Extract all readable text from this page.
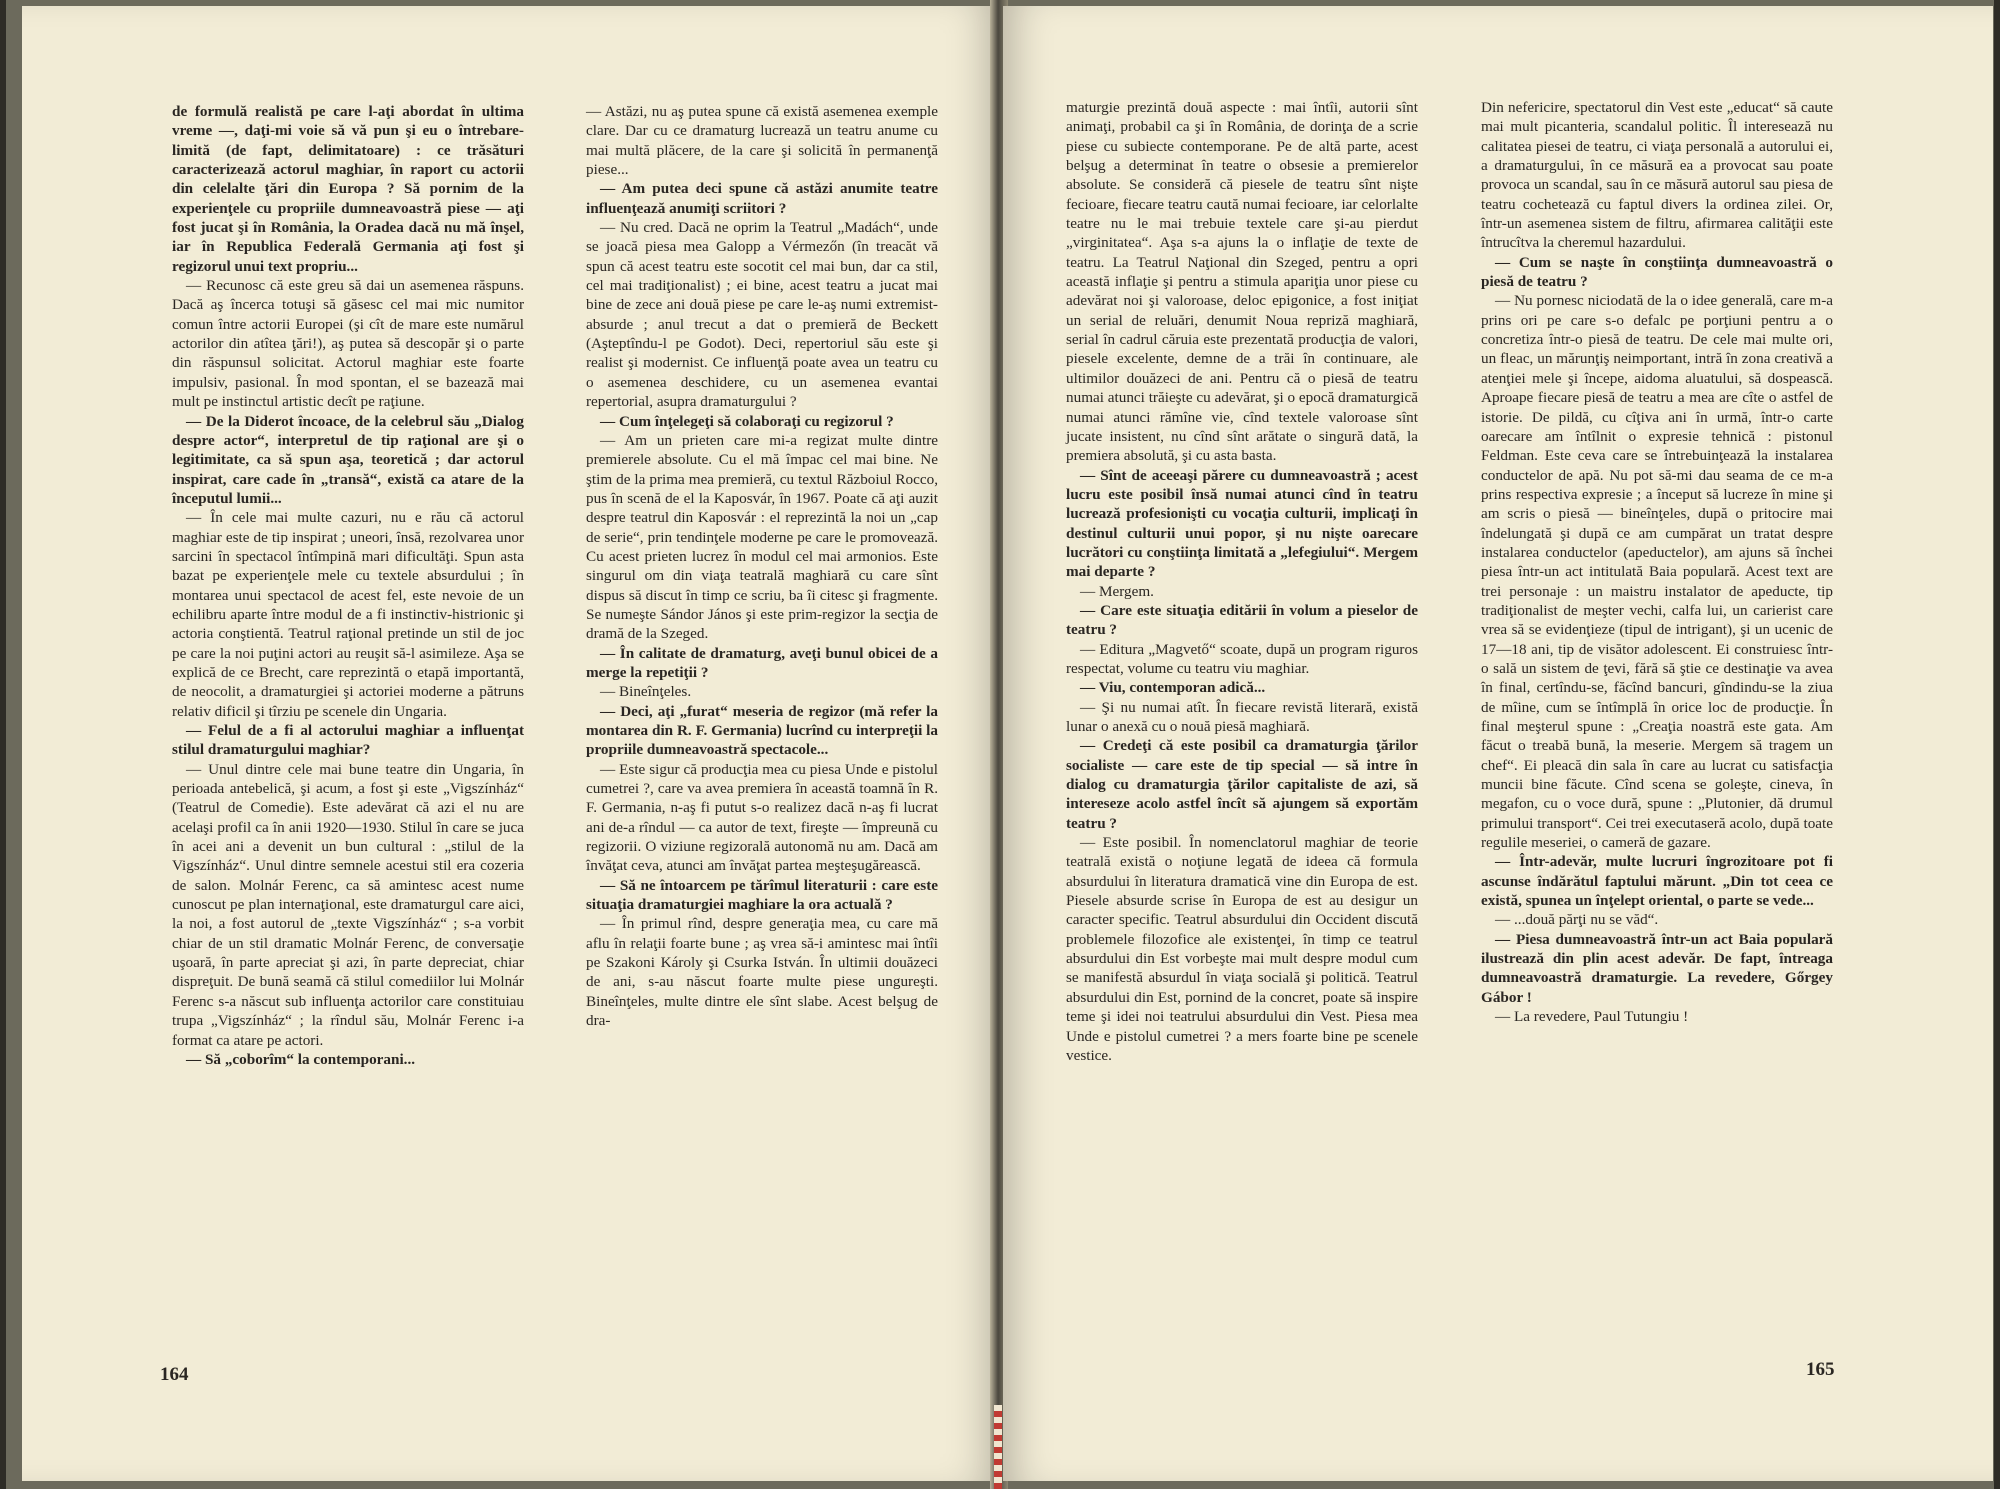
de formulă realistă pe care l-aţi abordat în ultima vreme —, daţi-mi voie să vă pun şi eu o întrebare-limită (de fapt, delimitatoare) : ce trăsături caracterizează actorul maghiar, în raport cu actorii din celelalte ţări din Europa ? Să pornim de la experienţele cu propriile dumneavoastră piese — aţi fost jucat şi în România, la Oradea dacă nu mă înşel, iar în Republica Federală Germania aţi fost şi regizorul unui text propriu...

— Recunosc că este greu să dai un asemenea răspuns. Dacă aş încerca totuşi să găsesc cel mai mic numitor comun între actorii Europei (şi cît de mare este numărul actorilor din atîtea ţări!), aş putea să descopăr şi o parte din răspunsul solicitat. Actorul maghiar este foarte impulsiv, pasional. În mod spontan, el se bazează mai mult pe instinctul artistic decît pe raţiune.

— De la Diderot încoace, de la celebrul său „Dialog despre actor“, interpretul de tip raţional are şi o legitimitate, ca să spun aşa, teoretică ; dar actorul inspirat, care cade în „transă“, există ca atare de la începutul lumii...

— În cele mai multe cazuri, nu e rău că actorul maghiar este de tip inspirat ; uneori, însă, rezolvarea unor sarcini în spectacol întîmpină mari dificultăţi. Spun asta bazat pe experienţele mele cu textele absurdului ; în montarea unui spectacol de acest fel, este nevoie de un echilibru aparte între modul de a fi instinctiv-histrionic şi actoria conştientă. Teatrul raţional pretinde un stil de joc pe care la noi puţini actori au reuşit să-l asimileze. Aşa se explică de ce Brecht, care reprezintă o etapă importantă, de neocolit, a dramaturgiei şi actoriei moderne a pătruns relativ dificil şi tîrziu pe scenele din Ungaria.

— Felul de a fi al actorului maghiar a influenţat stilul dramaturgului maghiar?

— Unul dintre cele mai bune teatre din Ungaria, în perioada antebelică, şi acum, a fost şi este „Vigszínház“ (Teatrul de Comedie). Este adevărat că azi el nu are acelaşi profil ca în anii 1920—1930. Stilul în care se juca în acei ani a devenit un bun cultural : „stilul de la Vigszínház“. Unul dintre semnele acestui stil era cozeria de salon. Molnár Ferenc, ca să amintesc acest nume cunoscut pe plan internaţional, este dramaturgul care aici, la noi, a fost autorul de „texte Vigszínház“ ; s-a vorbit chiar de un stil dramatic Molnár Ferenc, de conversaţie uşoară, în parte apreciat şi azi, în parte depreciat, chiar dispreţuit. De bună seamă că stilul comediilor lui Molnár Ferenc s-a născut sub influenţa actorilor care constituiau trupa „Vigszínház“ ; la rîndul său, Molnár Ferenc i-a format ca atare pe actori.

— Să „coborîm“ la contemporani...

— Astăzi, nu aş putea spune că există asemenea exemple clare. Dar cu ce dramaturg lucrează un teatru anume cu mai multă plăcere, de la care şi solicită în permanenţă piese...

— Am putea deci spune că astăzi anumite teatre influenţează anumiţi scriitori ?

— Nu cred. Dacă ne oprim la Teatrul „Madách“, unde se joacă piesa mea Galopp a Vérmezőn (în treacăt vă spun că acest teatru este socotit cel mai bun, dar ca stil, cel mai tradiţionalist) ; ei bine, acest teatru a jucat mai bine de zece ani două piese pe care le-aş numi extremist-absurde ; anul trecut a dat o premieră de Beckett (Aşteptîndu-l pe Godot). Deci, repertoriul său este şi realist şi modernist. Ce influenţă poate avea un teatru cu o asemenea deschidere, cu un asemenea evantai repertorial, asupra dramaturgului ?

— Cum înţelegeţi să colaboraţi cu regizorul ?

— Am un prieten care mi-a regizat multe dintre premierele absolute. Cu el mă împac cel mai bine. Ne ştim de la prima mea premieră, cu textul Războiul Rocco, pus în scenă de el la Kaposvár, în 1967. Poate că aţi auzit despre teatrul din Kaposvár : el reprezintă la noi un „cap de serie“, prin tendinţele moderne pe care le promovează. Cu acest prieten lucrez în modul cel mai armonios. Este singurul om din viaţa teatrală maghiară cu care sînt dispus să discut în timp ce scriu, ba îi citesc şi fragmente. Se numeşte Sándor János şi este prim-regizor la secţia de dramă de la Szeged.

— În calitate de dramaturg, aveţi bunul obicei de a merge la repetiţii ?

— Bineînţeles.

— Deci, aţi „furat“ meseria de regizor (mă refer la montarea din R. F. Germania) lucrînd cu interpreţii la propriile dumneavoastră spectacole...

— Este sigur că producţia mea cu piesa Unde e pistolul cumetrei ?, care va avea premiera în această toamnă în R. F. Germania, n-aş fi putut s-o realizez dacă n-aş fi lucrat ani de-a rîndul — ca autor de text, fireşte — împreună cu regizorii. O viziune regizorală autonomă nu am. Dacă am învăţat ceva, atunci am învăţat partea meşteşugărească.

— Să ne întoarcem pe tărîmul literaturii : care este situaţia dramaturgiei maghiare la ora actuală ?

— În primul rînd, despre generaţia mea, cu care mă aflu în relaţii foarte bune ; aş vrea să-i amintesc mai întîi pe Szakoni Károly şi Csurka István. În ultimii douăzeci de ani, s-au născut foarte multe piese ungureşti. Bineînţeles, multe dintre ele sînt slabe. Acest belşug de dra-

164

maturgie prezintă două aspecte : mai întîi, autorii sînt animaţi, probabil ca şi în România, de dorinţa de a scrie piese cu subiecte contemporane. Pe de altă parte, acest belşug a determinat în teatre o obsesie a premierelor absolute. Se consideră că piesele de teatru sînt nişte fecioare, fiecare teatru caută numai fecioare, iar celorlalte teatre nu le mai trebuie textele care şi-au pierdut „virginitatea“. Aşa s-a ajuns la o inflaţie de texte de teatru. La Teatrul Naţional din Szeged, pentru a opri această inflaţie şi pentru a stimula apariţia unor piese cu adevărat noi şi valoroase, deloc epigonice, a fost iniţiat un serial de reluări, denumit Noua repriză maghiară, serial în cadrul căruia este prezentată producţia de valori, piesele excelente, demne de a trăi în continuare, ale ultimilor douăzeci de ani. Pentru că o piesă de teatru numai atunci trăieşte cu adevărat, şi o epocă dramaturgică numai atunci rămîne vie, cînd textele valoroase sînt jucate insistent, nu cînd sînt arătate o singură dată, la premiera absolută, şi cu asta basta.

— Sînt de aceeaşi părere cu dumneavoastră ; acest lucru este posibil însă numai atunci cînd în teatru lucrează profesionişti cu vocaţia culturii, implicaţi în destinul culturii unui popor, şi nu nişte oarecare lucrători cu conştiinţa limitată a „lefegiului“. Mergem mai departe ?

— Mergem.

— Care este situaţia editării în volum a pieselor de teatru ?

— Editura „Magvető“ scoate, după un program riguros respectat, volume cu teatru viu maghiar.

— Viu, contemporan adică...

— Şi nu numai atît. În fiecare revistă literară, există lunar o anexă cu o nouă piesă maghiară.

— Credeţi că este posibil ca dramaturgia ţărilor socialiste — care este de tip special — să intre în dialog cu dramaturgia ţărilor capitaliste de azi, să intereseze acolo astfel încît să ajungem să exportăm teatru ?

— Este posibil. În nomenclatorul maghiar de teorie teatrală există o noţiune legată de ideea că formula absurdului în literatura dramatică vine din Europa de est. Piesele absurde scrise în Europa de est au desigur un caracter specific. Teatrul absurdului din Occident discută problemele filozofice ale existenţei, în timp ce teatrul absurdului din Est vorbeşte mai mult despre modul cum se manifestă absurdul în viaţa socială şi politică. Teatrul absurdului din Est, pornind de la concret, poate să inspire teme şi idei noi teatrului absurdului din Vest. Piesa mea Unde e pistolul cumetrei ? a mers foarte bine pe scenele vestice.

Din nefericire, spectatorul din Vest este „educat“ să caute mai mult picanteria, scandalul politic. Îl interesează nu calitatea piesei de teatru, ci viaţa personală a autorului ei, a dramaturgului, în ce măsură ea a provocat sau poate provoca un scandal, sau în ce măsură autorul sau piesa de teatru cochetează cu faptul divers la ordinea zilei. Or, într-un asemenea sistem de filtru, afirmarea calităţii este întrucîtva la cheremul hazardului.

— Cum se naşte în conştiinţa dumneavoastră o piesă de teatru ?

— Nu pornesc niciodată de la o idee generală, care m-a prins ori pe care s-o defalc pe porţiuni pentru a o concretiza într-o piesă de teatru. De cele mai multe ori, un fleac, un mărunţiş neimportant, intră în zona creativă a atenţiei mele şi începe, aidoma aluatului, să dospească. Aproape fiecare piesă de teatru a mea are cîte o astfel de istorie. De pildă, cu cîţiva ani în urmă, într-o carte oarecare am întîlnit o expresie tehnică : pistonul Feldman. Este ceva care se întrebuinţează la instalarea conductelor de apă. Nu pot să-mi dau seama de ce m-a prins respectiva expresie ; a început să lucreze în mine şi am scris o piesă — bineînţeles, după o pritocire mai îndelungată şi după ce am cumpărat un tratat despre instalarea conductelor (apeductelor), am ajuns să închei piesa într-un act intitulată Baia populară. Acest text are trei personaje : un maistru instalator de apeducte, tip tradiţionalist de meşter vechi, calfa lui, un carierist care vrea să se evidenţieze (tipul de intrigant), şi un ucenic de 17—18 ani, tip de visător adolescent. Ei construiesc într-o sală un sistem de ţevi, fără să ştie ce destinaţie va avea în final, certîndu-se, făcînd bancuri, gîndindu-se la ziua de mîine, cum se întîmplă în orice loc de producţie. În final meşterul spune : „Creaţia noastră este gata. Am făcut o treabă bună, la meserie. Mergem să tragem un chef“. Ei pleacă din sala în care au lucrat cu satisfacţia muncii bine făcute. Cînd scena se goleşte, cineva, în megafon, cu o voce dură, spune : „Plutonier, dă drumul primului transport“. Cei trei executaseră acolo, după toate regulile meseriei, o cameră de gazare.

— Într-adevăr, multe lucruri îngrozitoare pot fi ascunse îndărătul faptului mărunt. „Din tot ceea ce există, spunea un înţelept oriental, o parte se vede...

— ...două părţi nu se văd“.

— Piesa dumneavoastră într-un act Baia populară ilustrează din plin acest adevăr. De fapt, întreaga dumneavoastră dramaturgie. La revedere, Gőrgey Gábor !

— La revedere, Paul Tutungiu !

165
